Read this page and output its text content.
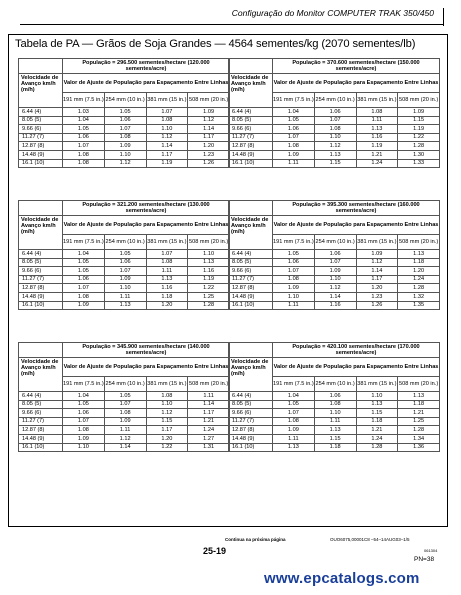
Configuração do Monitor COMPUTER TRAK 350/450
Tabela de PA — Grãos de Soja Grandes — 4564 sementes/kg (2070 sementes/lb)
	População = 296.500 sementes/hectare (120.000 sementes/acre)			
Velocidade de Avanço km/h (m/h)	Valor de Ajuste de População para Espaçamento Entre Linhas			
	191 mm (7.5 in.)	254 mm (10 in.)	381 mm (15 in.)	508 mm (20 in.)
6.44 (4)	1.03	1.05	1.07	1.09
8.05 (5)	1.04	1.06	1.08	1.12
9.66 (6)	1.05	1.07	1.10	1.14
11.27 (7)	1.06	1.08	1.12	1.17
12.87 (8)	1.07	1.09	1.14	1.20
14.48 (9)	1.08	1.10	1.17	1.23
16.1 (10)	1.08	1.12	1.19	1.26
	População = 370.600 sementes/hectare (150.000 sementes/acre)			
Velocidade de Avanço km/h (m/h)	Valor de Ajuste de População para Espaçamento Entre Linhas			
	191 mm (7.5 in.)	254 mm (10 in.)	381 mm (15 in.)	508 mm (20 in.)
6.44 (4)	1.04	1.06	1.08	1.09
8.05 (5)	1.05	1.07	1.11	1.15
9.66 (6)	1.06	1.08	1.13	1.19
11.27 (7)	1.07	1.10	1.16	1.22
12.87 (8)	1.08	1.12	1.19	1.28
14.48 (9)	1.09	1.13	1.21	1.30
16.1 (10)	1.11	1.15	1.24	1.33
	População = 321.200 sementes/hectare (130.000 sementes/acre)			
Velocidade de Avanço km/h (m/h)	Valor de Ajuste de População para Espaçamento Entre Linhas			
	191 mm (7.5 in.)	254 mm (10 in.)	381 mm (15 in.)	508 mm (20 in.)
6.44 (4)	1.04	1.05	1.07	1.10
8.05 (5)	1.05	1.06	1.08	1.13
9.66 (6)	1.05	1.07	1.11	1.16
11.27 (7)	1.06	1.09	1.13	1.19
12.87 (8)	1.07	1.10	1.16	1.22
14.48 (9)	1.08	1.11	1.18	1.25
16.1 (10)	1.09	1.13	1.20	1.28
	População = 395.300 sementes/hectare (160.000 sementes/acre)			
Velocidade de Avanço km/h (m/h)	Valor de Ajuste de População para Espaçamento Entre Linhas			
	191 mm (7.5 in.)	254 mm (10 in.)	381 mm (15 in.)	508 mm (20 in.)
6.44 (4)	1.05	1.06	1.09	1.13
8.05 (5)	1.06	1.07	1.12	1.18
9.66 (6)	1.07	1.09	1.14	1.20
11.27 (7)	1.08	1.10	1.17	1.24
12.87 (8)	1.09	1.12	1.20	1.28
14.48 (9)	1.10	1.14	1.23	1.32
16.1 (10)	1.11	1.16	1.26	1.35
	População = 345.900 sementes/hectare (140.000 sementes/acre)			
Velocidade de Avanço km/h (m/h)	Valor de Ajuste de População para Espaçamento Entre Linhas			
	191 mm (7.5 in.)	254 mm (10 in.)	381 mm (15 in.)	508 mm (20 in.)
6.44 (4)	1.04	1.05	1.08	1.11
8.05 (5)	1.05	1.07	1.10	1.14
9.66 (6)	1.06	1.08	1.12	1.17
11.27 (7)	1.07	1.09	1.15	1.21
12.87 (8)	1.08	1.11	1.17	1.24
14.48 (9)	1.09	1.12	1.20	1.27
16.1 (10)	1.10	1.14	1.22	1.31
	População = 420.100 sementes/hectare (170.000 sementes/acre)			
Velocidade de Avanço km/h (m/h)	Valor de Ajuste de População para Espaçamento Entre Linhas			
	191 mm (7.5 in.)	254 mm (10 in.)	381 mm (15 in.)	508 mm (20 in.)
6.44 (4)	1.04	1.06	1.10	1.13
8.05 (5)	1.05	1.08	1.13	1.18
9.66 (6)	1.07	1.10	1.15	1.21
11.27 (7)	1.08	1.11	1.18	1.25
12.87 (8)	1.09	1.13	1.21	1.28
14.48 (9)	1.11	1.15	1.24	1.34
16.1 (10)	1.13	1.18	1.28	1.36
Continua na próxima página	OUO6075,00001C8 –54–14AUG03–1/5
25-19	061304
PN=38
www.epcatalogs.com
